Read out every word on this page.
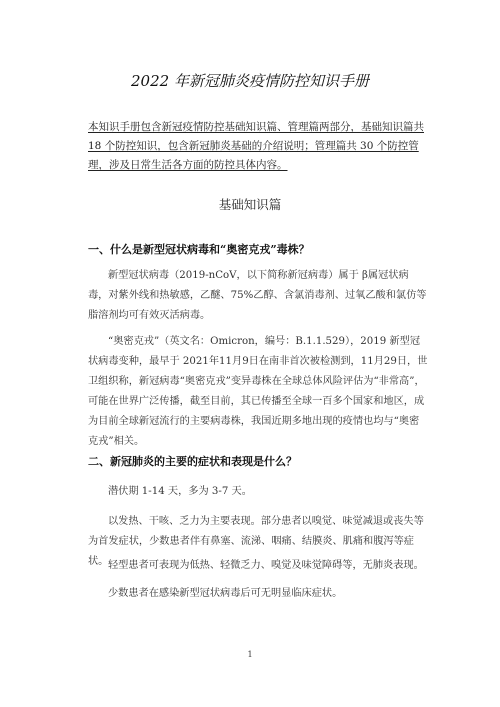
2022 年新冠肺炎疫情防控知识手册
本知识手册包含新冠疫情防控基础知识篇、管理篇两部分，基础知识篇共 18 个防控知识，包含新冠肺炎基础的介绍说明；管理篇共 30 个防控管理，涉及日常生活各方面的防控具体内容。
基础知识篇
一、什么是新型冠状病毒和“奥密克戎”毒株？
新型冠状病毒（2019-nCoV，以下简称新冠病毒）属于 β属冠状病毒，对紫外线和热敏感，乙醚、75%乙醇、含氯消毒剂、过氧乙酸和氯仿等脂溶剂均可有效灭活病毒。
“奥密克戎”（英文名：Omicron，编号：B.1.1.529），2019 新型冠状病毒变种，最早于 2021年11月9日在南非首次被检测到，11月29日，世卫组织称，新冠病毒“奥密克戎”变异毒株在全球总体风险评估为“非常高”，可能在世界广泛传播，截至目前，其已传播至全球一百多个国家和地区，成为目前全球新冠流行的主要病毒株，我国近期多地出现的疫情也均与“奥密克戎”相关。
二、新冠肺炎的主要的症状和表现是什么？
潜伏期 1-14 天，多为 3-7 天。
以发热、干咳、乏力为主要表现。部分患者以嗅觉、味觉减退或丧失等为首发症状，少数患者伴有鼻塞、流涕、咽痛、结膜炎、肌痛和腹泻等症状。 轻型患者可表现为低热、轻微乏力、嗅觉及味觉障碍等，无肺炎表现。
少数患者在感染新型冠状病毒后可无明显临床症状。
1
